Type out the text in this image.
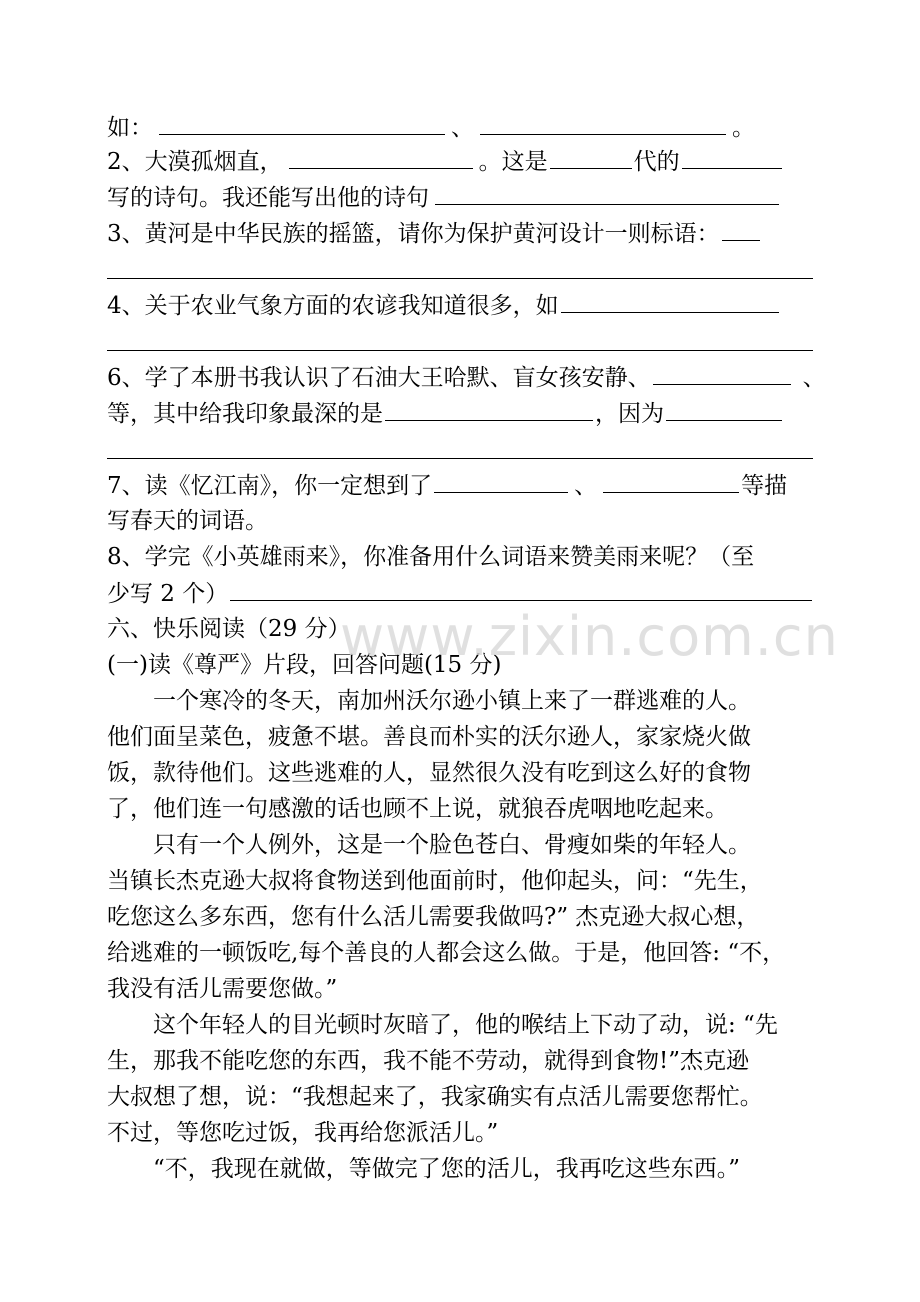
如：	、	。
2、大漠孤烟直，	。这是	代的
写的诗句。我还能写出他的诗句
3、黄河是中华民族的摇篮，请你为保护黄河设计一则标语：
4、关于农业气象方面的农谚我知道很多，如
6、学了本册书我认识了石油大王哈默、盲女孩安静、	、
等，其中给我印象最深的是	，因为
7、读《忆江南》，你一定想到了	、	等描
写春天的词语。
8、学完《小英雄雨来》，你准备用什么词语来赞美雨来呢？（至
少写 2 个）
六、快乐阅读（29 分）
(一)读《尊严》片段，回答问题(15 分)
一个寒冷的冬天，南加州沃尔逊小镇上来了一群逃难的人。
他们面呈菜色，疲惫不堪。善良而朴实的沃尔逊人，家家烧火做
饭，款待他们。这些逃难的人，显然很久没有吃到这么好的食物
了，他们连一句感激的话也顾不上说，就狼吞虎咽地吃起来。
只有一个人例外，这是一个脸色苍白、骨瘦如柴的年轻人。
当镇长杰克逊大叔将食物送到他面前时，他仰起头，问：“先生，
吃您这么多东西，您有什么活儿需要我做吗?” 杰克逊大叔心想，
给逃难的一顿饭吃,每个善良的人都会这么做。于是，他回答: “不，
我没有活儿需要您做。”
这个年轻人的目光顿时灰暗了，他的喉结上下动了动，说: “先
生，那我不能吃您的东西，我不能不劳动，就得到食物!”杰克逊
大叔想了想，说：“我想起来了，我家确实有点活儿需要您帮忙。
不过，等您吃过饭，我再给您派活儿。”
“不，我现在就做，等做完了您的活儿，我再吃这些东西。”
www.zixin.com.cn
